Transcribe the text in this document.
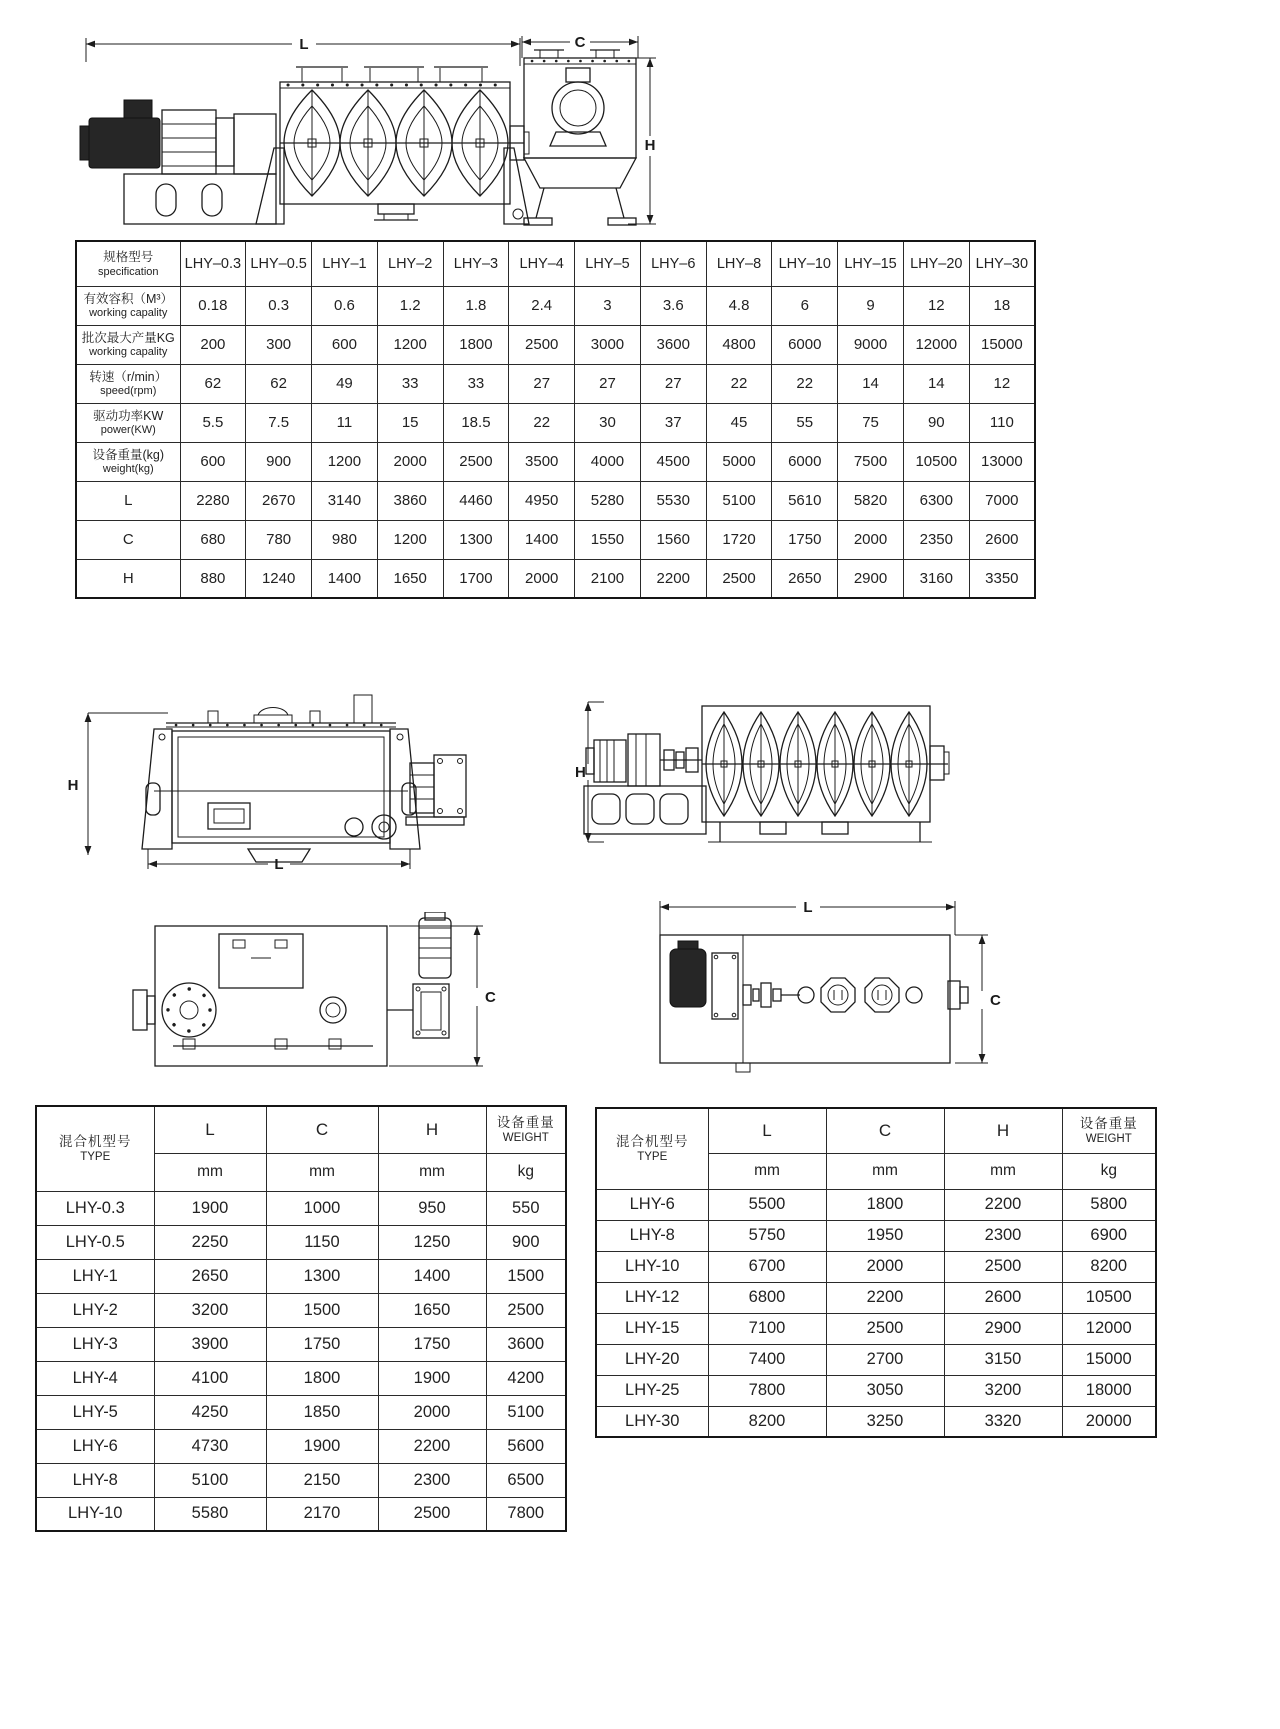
L	C
H
规格型号
specification	LHY–0.3	LHY–0.5	LHY–1	LHY–2	LHY–3	LHY–4	LHY–5	LHY–6	LHY–8	LHY–10	LHY–15	LHY–20	LHY–30

有效容积（M³）
working capality	0.18	0.3	0.6	1.2	1.8	2.4	3	3.6	4.8	6	9	12	18

批次最大产量KG
working capality	200	300	600	1200	1800	2500	3000	3600	4800	6000	9000	12000	15000

转速（r/min）
speed(rpm)	62	62	49	33	33	27	27	27	22	22	14	14	12

驱动功率KW
power(KW)	5.5	7.5	11	15	18.5	22	30	37	45	55	75	90	110

设备重量(kg)
weight(kg)	600	900	1200	2000	2500	3500	4000	4500	5000	6000	7500	10500	13000
L	2280	2670	3140	3860	4460	4950	5280	5530	5100	5610	5820	6300	7000
C	680	780	980	1200	1300	1400	1550	1560	1720	1750	2000	2350	2600
H	880	1240	1400	1650	1700	2000	2100	2200	2500	2650	2900	3160	3350
H
L
H
C
L
C
混合机型号
TYPE
	L	C	H	设备重量
WEIGHT

	mm	mm	mm	kg
LHY-0.3	1900	1000	950	550
LHY-0.5	2250	1150	1250	900
LHY-1	2650	1300	1400	1500
LHY-2	3200	1500	1650	2500
LHY-3	3900	1750	1750	3600
LHY-4	4100	1800	1900	4200
LHY-5	4250	1850	2000	5100
LHY-6	4730	1900	2200	5600
LHY-8	5100	2150	2300	6500
LHY-10	5580	2170	2500	7800
混合机型号
TYPE
	L	C	H	设备重量
WEIGHT

	mm	mm	mm	kg
LHY-6	5500	1800	2200	5800
LHY-8	5750	1950	2300	6900
LHY-10	6700	2000	2500	8200
LHY-12	6800	2200	2600	10500
LHY-15	7100	2500	2900	12000
LHY-20	7400	2700	3150	15000
LHY-25	7800	3050	3200	18000
LHY-30	8200	3250	3320	20000
